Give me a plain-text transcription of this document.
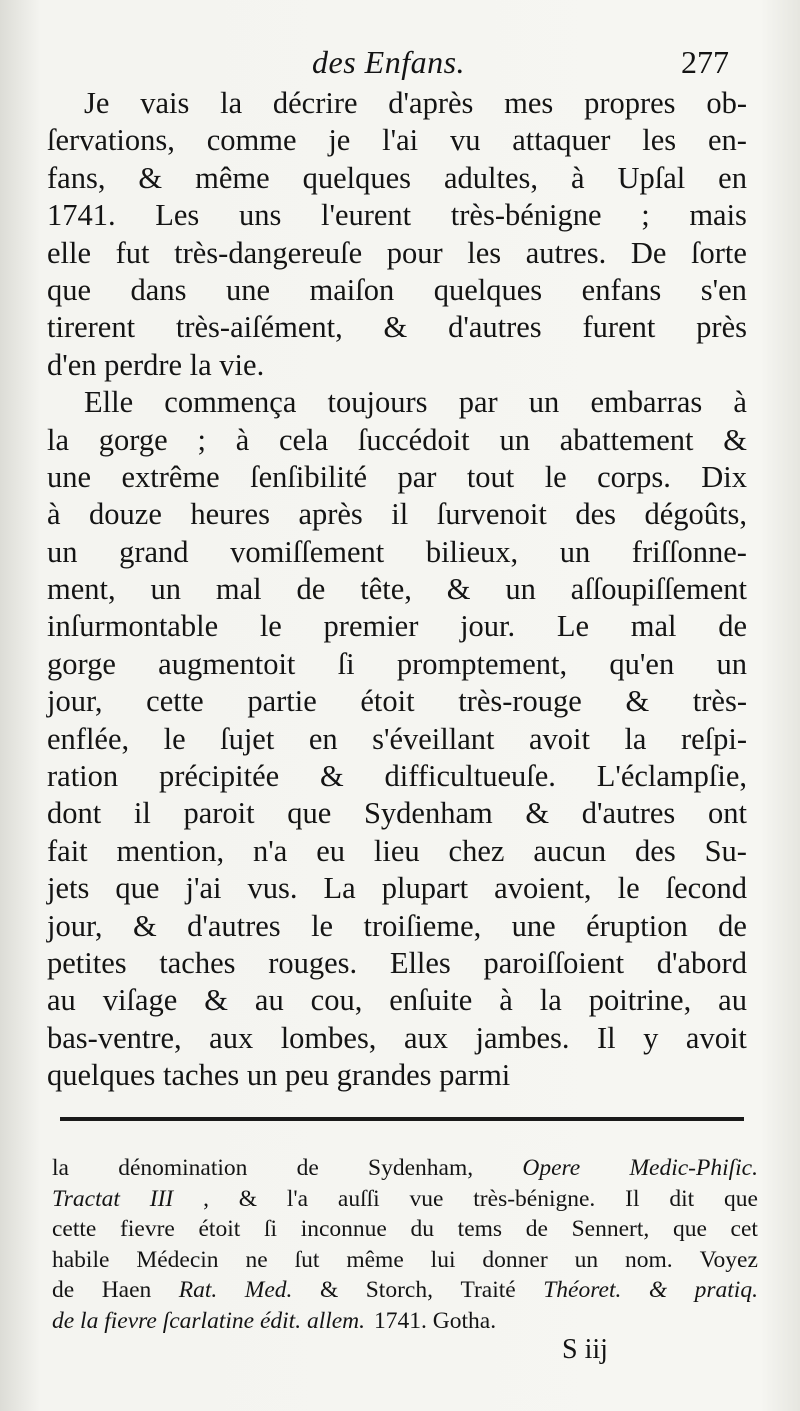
des Enfans.	277
Je vais la décrire d'après mes propres ob-
ſervations, comme je l'ai vu attaquer les en-
fans, & même quelques adultes, à Upſal en
1741. Les uns l'eurent très-bénigne ; mais
elle fut très-dangereuſe pour les autres. De ſorte
que dans une maiſon quelques enfans s'en
tirerent très-aiſément, & d'autres furent près
d'en perdre la vie.
Elle commença toujours par un embarras à
la gorge ; à cela ſuccédoit un abattement &
une extrême ſenſibilité par tout le corps. Dix
à douze heures après il ſurvenoit des dégoûts,
un grand vomiſſement bilieux, un friſſonne-
ment, un mal de tête, & un aſſoupiſſement
inſurmontable le premier jour. Le mal de
gorge augmentoit ſi promptement, qu'en un
jour, cette partie étoit très-rouge & très-
enflée, le ſujet en s'éveillant avoit la reſpi-
ration précipitée & difficultueuſe. L'éclampſie,
dont il paroit que Sydenham & d'autres ont
fait mention, n'a eu lieu chez aucun des Su-
jets que j'ai vus. La plupart avoient, le ſecond
jour, & d'autres le troiſieme, une éruption de
petites taches rouges. Elles paroiſſoient d'abord
au viſage & au cou, enſuite à la poitrine, au
bas-ventre, aux lombes, aux jambes. Il y avoit
quelques taches un peu grandes parmi
la dénomination de Sydenham, Opere Medic-Phiſic.
Tractat III , & l'a auſſi vue très-bénigne. Il dit que
cette fievre étoit ſi inconnue du tems de Sennert, que cet
habile Médecin ne ſut même lui donner un nom. Voyez
de Haen Rat. Med. & Storch, Traité Théoret. & pratiq.
de la fievre ſcarlatine édit. allem. 1741. Gotha.
S iij
